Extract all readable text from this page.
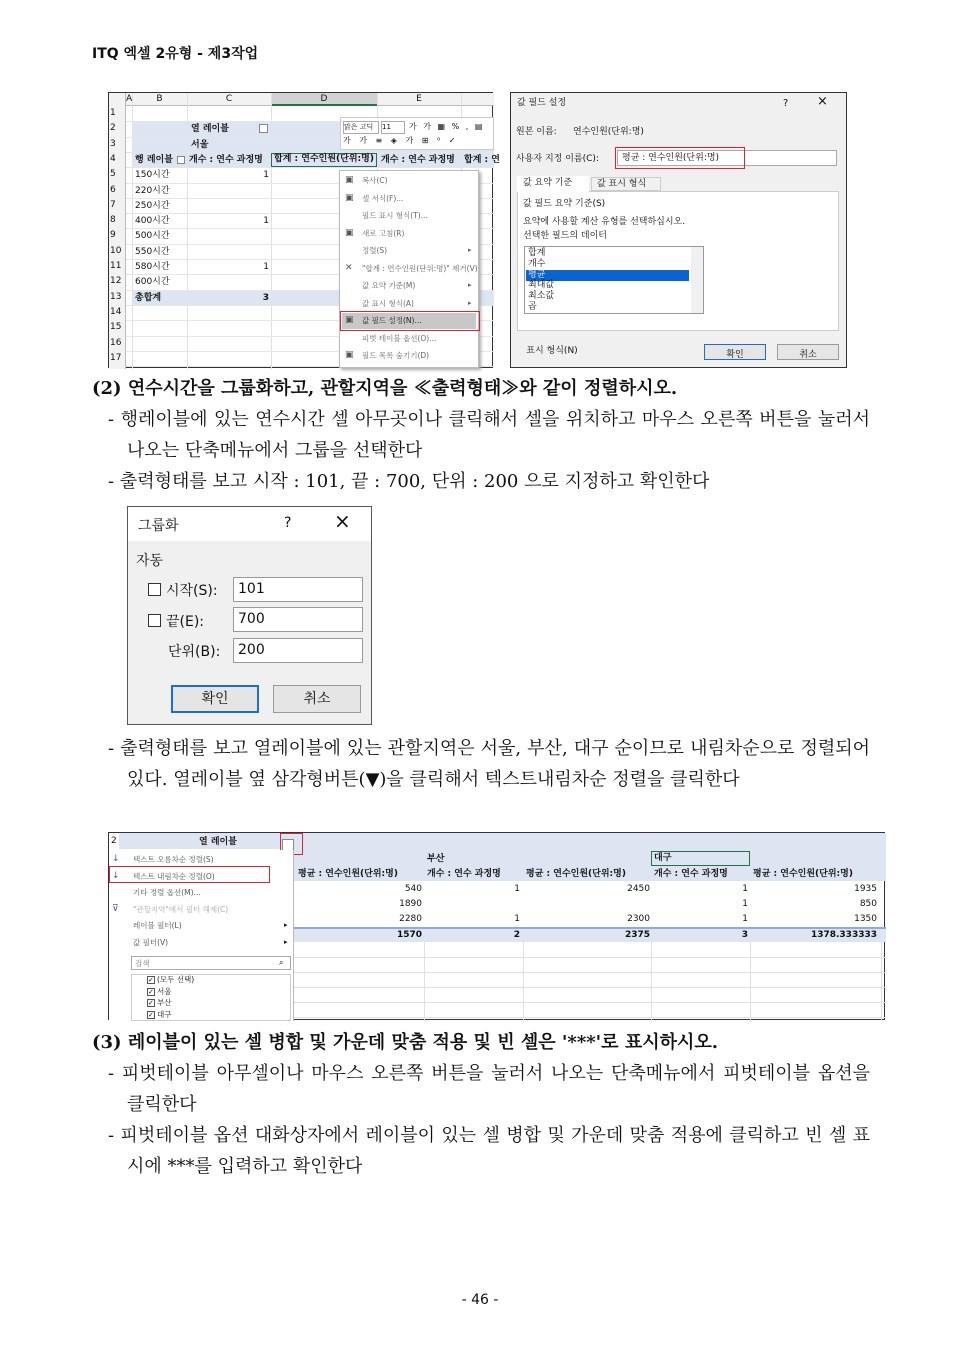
ITQ 엑셀 2유형 - 제3작업
A	B	C	D	E
1
2
3
4
5
6
7
8
9
10
11
12
13
14
15
16
17
열 레이블
서울
행 레이블 개수 : 연수 과정명	합계 : 연수인원(단위:명) 개수 : 연수 과정명 합계 : 연
150시간	1
220시간
250시간
400시간	1
500시간
550시간
580시간	1
600시간
총합계	3
맑은 고딕	11	가 가 ▦ % , ▤
가 가 ≡ ◈ 가 ⊞ ⁰ ✓
▣ 복사(C)
▣ 셀 서식(F)...
필드 표시 형식(T)...
▣ 새로 고침(R)
정렬(S)	▸
✕ "합계 : 연수인원(단위:명)" 제거(V)
값 요약 기준(M)	▸
값 표시 형식(A)	▸
▣ 값 필드 설정(N)...
피벗 테이블 옵션(O)...
▣ 필드 목록 숨기기(D)
값 필드 설정	? ×
원본 이름: 연수인원(단위:명)
사용자 지정 이름(C):	평균 : 연수인원(단위:명)
값 요약 기준	값 표시 형식
값 필드 요약 기준(S)
요약에 사용할 계산 유형를 선택하십시오.
선택한 필드의 데이터
합계
개수
평균
최대값
최소값
곱
표시 형식(N)	확인	취소
(2) 연수시간을 그룹화하고, 관할지역을 ≪출력형태≫와 같이 정렬하시오.
- 행레이블에 있는 연수시간 셀 아무곳이나 클릭해서 셀을 위치하고 마우스 오른쪽 버튼을 눌러서 나오는 단축메뉴에서 그룹을 선택한다
- 출력형태를 보고 시작 : 101, 끝 : 700, 단위 : 200 으로 지정하고 확인한다
그룹화	? ×
자동
시작(S):	101
끝(E):	700
단위(B):	200
확인	취소
- 출력형태를 보고 열레이블에 있는 관할지역은 서울, 부산, 대구 순이므로 내림차순으로 정렬되어 있다. 열레이블 옆 삼각형버튼(▼)을 클릭해서 텍스트내림차순 정렬을 클릭한다
2	열 레이블
부산	대구
평균 : 연수인원(단위:명)	개수 : 연수 과정명	평균 : 연수인원(단위:명)	개수 : 연수 과정명	평균 : 연수인원(단위:명)
540	1	2450	1	1935
1890	1	850
2280	1	2300	1	1350
1570	2	2375	3	1378.333333
↓ 텍스트 오름차순 정렬(S)
↓ 텍스트 내림차순 정렬(O)
기타 정렬 옵션(M)...
⊽ "관할지역"에서 필터 해제(C)
레이블 필터(L)	▸
값 필터(V)	▸
검색	⌕
✓ (모두 선택)
✓ 서울
✓ 부산
✓ 대구
(3) 레이블이 있는 셀 병합 및 가운데 맞춤 적용 및 빈 셀은 '***'로 표시하시오.
- 피벗테이블 아무셀이나 마우스 오른쪽 버튼을 눌러서 나오는 단축메뉴에서 피벗테이블 옵션을 클릭한다
- 피벗테이블 옵션 대화상자에서 레이블이 있는 셀 병합 및 가운데 맞춤 적용에 클릭하고 빈 셀 표시에 ***를 입력하고 확인한다
- 46 -
